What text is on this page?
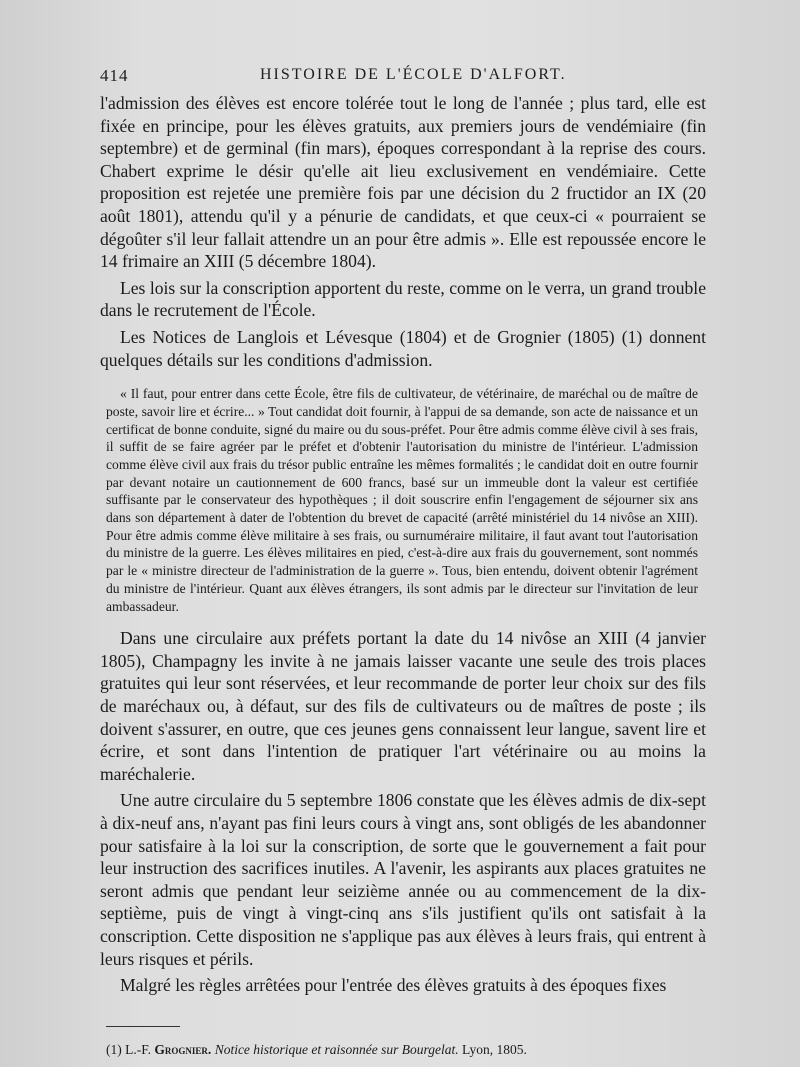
414	HISTOIRE DE L'ÉCOLE D'ALFORT.

l'admission des élèves est encore tolérée tout le long de l'année ; plus tard, elle est fixée en principe, pour les élèves gratuits, aux premiers jours de vendémiaire (fin septembre) et de germinal (fin mars), époques correspondant à la reprise des cours. Chabert exprime le désir qu'elle ait lieu exclusivement en vendémiaire. Cette proposition est rejetée une première fois par une décision du 2 fructidor an IX (20 août 1801), attendu qu'il y a pénurie de candidats, et que ceux-ci « pourraient se dégoûter s'il leur fallait attendre un an pour être admis ». Elle est repoussée encore le 14 frimaire an XIII (5 décembre 1804).

Les lois sur la conscription apportent du reste, comme on le verra, un grand trouble dans le recrutement de l'École.

Les Notices de Langlois et Lévesque (1804) et de Grognier (1805) (1) donnent quelques détails sur les conditions d'admission.

« Il faut, pour entrer dans cette École, être fils de cultivateur, de vétérinaire, de maréchal ou de maître de poste, savoir lire et écrire... » Tout candidat doit fournir, à l'appui de sa demande, son acte de naissance et un certificat de bonne conduite, signé du maire ou du sous-préfet. Pour être admis comme élève civil à ses frais, il suffit de se faire agréer par le préfet et d'obtenir l'autorisation du ministre de l'intérieur. L'admission comme élève civil aux frais du trésor public entraîne les mêmes formalités ; le candidat doit en outre fournir par devant notaire un cautionnement de 600 francs, basé sur un immeuble dont la valeur est certifiée suffisante par le conservateur des hypothèques ; il doit souscrire enfin l'engagement de séjourner six ans dans son département à dater de l'obtention du brevet de capacité (arrêté ministériel du 14 nivôse an XIII). Pour être admis comme élève militaire à ses frais, ou surnuméraire militaire, il faut avant tout l'autorisation du ministre de la guerre. Les élèves militaires en pied, c'est-à-dire aux frais du gouvernement, sont nommés par le « ministre directeur de l'administration de la guerre ». Tous, bien entendu, doivent obtenir l'agrément du ministre de l'intérieur. Quant aux élèves étrangers, ils sont admis par le directeur sur l'invitation de leur ambassadeur.

Dans une circulaire aux préfets portant la date du 14 nivôse an XIII (4 janvier 1805), Champagny les invite à ne jamais laisser vacante une seule des trois places gratuites qui leur sont réservées, et leur recommande de porter leur choix sur des fils de maréchaux ou, à défaut, sur des fils de cultivateurs ou de maîtres de poste ; ils doivent s'assurer, en outre, que ces jeunes gens connaissent leur langue, savent lire et écrire, et sont dans l'intention de pratiquer l'art vétérinaire ou au moins la maréchalerie.

Une autre circulaire du 5 septembre 1806 constate que les élèves admis de dix-sept à dix-neuf ans, n'ayant pas fini leurs cours à vingt ans, sont obligés de les abandonner pour satisfaire à la loi sur la conscription, de sorte que le gouvernement a fait pour leur instruction des sacrifices inutiles. A l'avenir, les aspirants aux places gratuites ne seront admis que pendant leur seizième année ou au commencement de la dix-septième, puis de vingt à vingt-cinq ans s'ils justifient qu'ils ont satisfait à la conscription. Cette disposition ne s'applique pas aux élèves à leurs frais, qui entrent à leurs risques et périls.

Malgré les règles arrêtées pour l'entrée des élèves gratuits à des époques fixes

(1) L.-F. Grognier. Notice historique et raisonnée sur Bourgelat. Lyon, 1805.
